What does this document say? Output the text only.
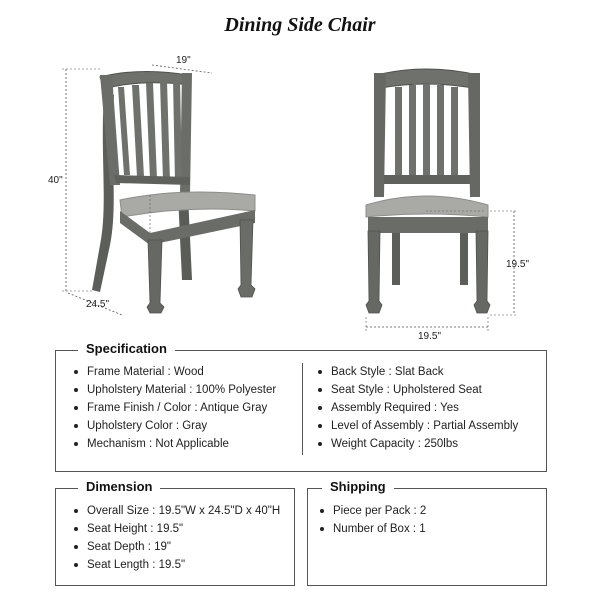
Dining Side Chair
40"
19"
24.5"
19.5"
19.5"
Specification
Frame Material : Wood
Upholstery Material : 100% Polyester
Frame Finish / Color : Antique Gray
Upholstery Color : Gray
Mechanism : Not Applicable
Back Style : Slat Back
Seat Style : Upholstered Seat
Assembly Required : Yes
Level of Assembly : Partial Assembly
Weight Capacity : 250lbs
Dimension
Overall Size : 19.5"W x 24.5"D x 40"H
Seat Height : 19.5"
Seat Depth : 19"
Seat Length : 19.5"
Shipping
Piece per Pack : 2
Number of Box : 1
